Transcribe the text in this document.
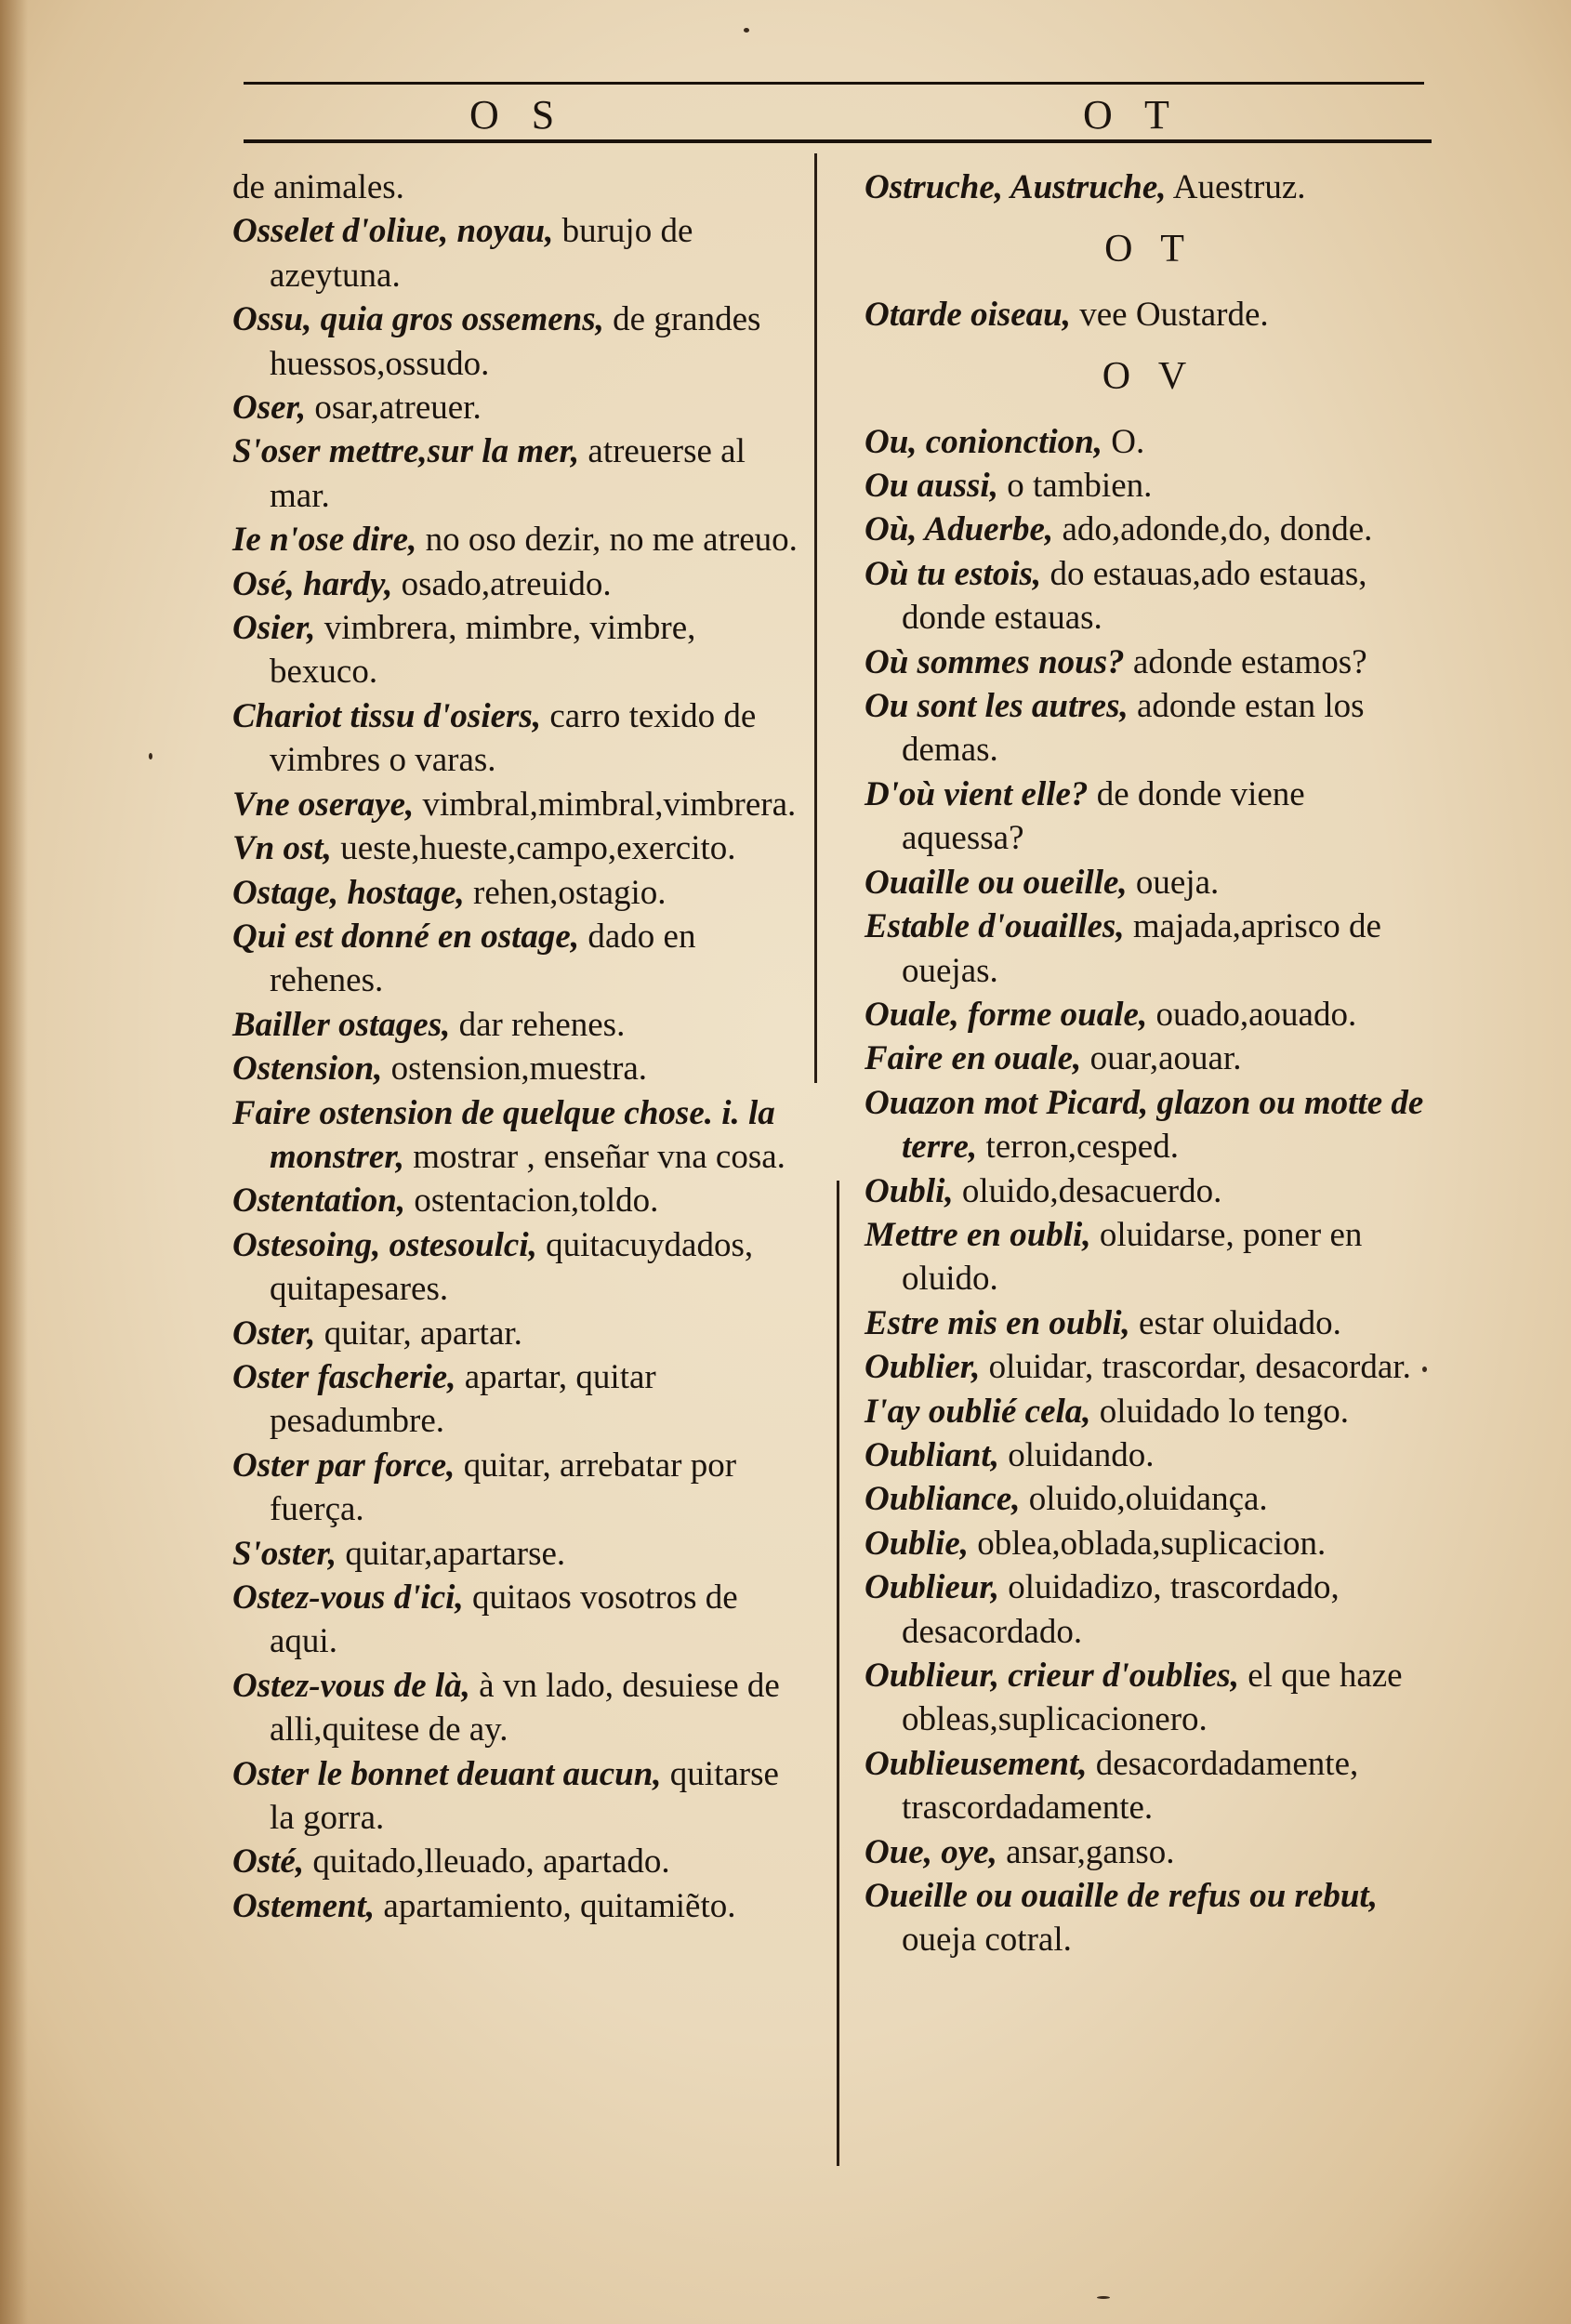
O S	O T

de animales.

Osselet d'oliue, noyau, burujo de azeytuna.

Ossu, quia gros ossemens, de grandes huessos,ossudo.

Oser, osar,atreuer.

S'oser mettre,sur la mer, atreuerse al mar.

Ie n'ose dire, no oso dezir, no me atreuo.

Osé, hardy, osado,atreuido.

Osier, vimbrera, mimbre, vimbre, bexuco.

Chariot tissu d'osiers, carro texido de vimbres o varas.

Vne oseraye, vimbral,mimbral,vimbrera.

Vn ost, ueste,hueste,campo,exercito.

Ostage, hostage, rehen,ostagio.

Qui est donné en ostage, dado en rehenes.

Bailler ostages, dar rehenes.

Ostension, ostension,muestra.

Faire ostension de quelque chose. i. la monstrer, mostrar , enseñar vna cosa.

Ostentation, ostentacion,toldo.

Ostesoing, ostesoulci, quitacuydados, quitapesares.

Oster, quitar, apartar.

Oster fascherie, apartar, quitar pesadumbre.

Oster par force, quitar, arrebatar por fuerça.

S'oster, quitar,apartarse.

Ostez-vous d'ici, quitaos vosotros de aqui.

Ostez-vous de là, à vn lado, desuiese de alli,quitese de ay.

Oster le bonnet deuant aucun, quitarse la gorra.

Osté, quitado,lleuado, apartado.

Ostement, apartamiento, quitamiẽto.

Ostruche, Austruche, Auestruz.

O T

Otarde oiseau, vee Oustarde.

O V

Ou, conionction, O.

Ou aussi, o tambien.

Où, Aduerbe, ado,adonde,do, donde.

Où tu estois, do estauas,ado estauas, donde estauas.

Où sommes nous? adonde estamos?

Ou sont les autres, adonde estan los demas.

D'où vient elle? de donde viene aquessa?

Ouaille ou oueille, oueja.

Estable d'ouailles, majada,aprisco de ouejas.

Ouale, forme ouale, ouado,aouado.

Faire en ouale, ouar,aouar.

Ouazon mot Picard, glazon ou motte de terre, terron,cesped.

Oubli, oluido,desacuerdo.

Mettre en oubli, oluidarse, poner en oluido.

Estre mis en oubli, estar oluidado.

Oublier, oluidar, trascordar, desacordar.

I'ay oublié cela, oluidado lo tengo.

Oubliant, oluidando.

Oubliance, oluido,oluidança.

Oublie, oblea,oblada,suplicacion.

Oublieur, oluidadizo, trascordado, desacordado.

Oublieur, crieur d'oublies, el que haze obleas,suplicacionero.

Oublieusement, desacordadamente, trascordadamente.

Oue, oye, ansar,ganso.

Oueille ou ouaille de refus ou rebut, oueja cotral.
